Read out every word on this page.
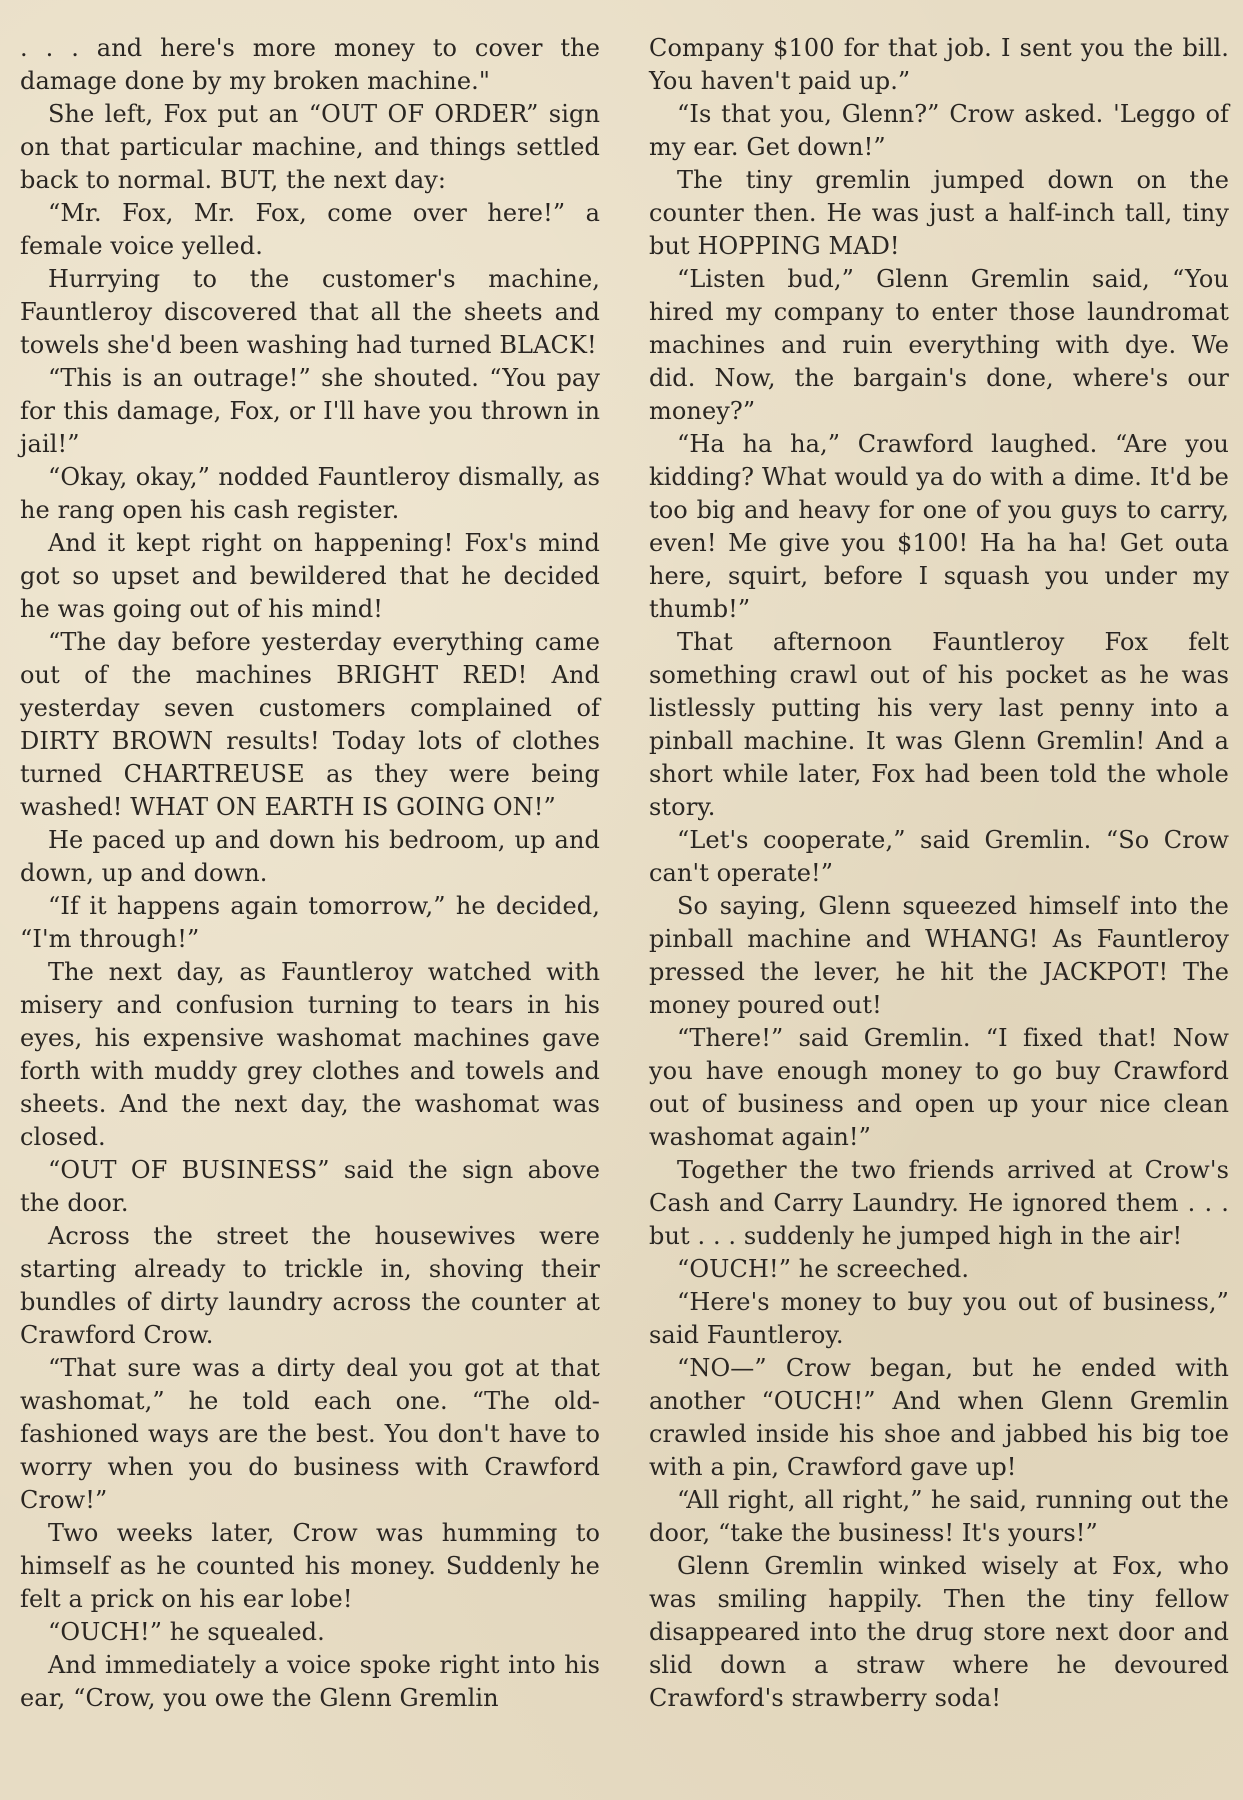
. . . and here's more money to cover the damage done by my broken machine."

She left, Fox put an “OUT OF ORDER” sign on that particular machine, and things settled back to normal. BUT, the next day:

“Mr. Fox, Mr. Fox, come over here!” a female voice yelled.

Hurrying to the customer's machine, Fauntleroy discovered that all the sheets and towels she'd been washing had turned BLACK!

“This is an outrage!” she shouted. “You pay for this damage, Fox, or I'll have you thrown in jail!”

“Okay, okay,” nodded Fauntleroy dismally, as he rang open his cash register.

And it kept right on happening! Fox's mind got so upset and bewildered that he decided he was going out of his mind!

“The day before yesterday everything came out of the machines BRIGHT RED! And yesterday seven customers complained of DIRTY BROWN results! Today lots of clothes turned CHARTREUSE as they were being washed! WHAT ON EARTH IS GOING ON!”

He paced up and down his bedroom, up and down, up and down.

“If it happens again tomorrow,” he decided, “I'm through!”

The next day, as Fauntleroy watched with misery and confusion turning to tears in his eyes, his expensive washomat machines gave forth with muddy grey clothes and towels and sheets. And the next day, the washomat was closed.

“OUT OF BUSINESS” said the sign above the door.

Across the street the housewives were starting already to trickle in, shoving their bundles of dirty laundry across the counter at Crawford Crow.

“That sure was a dirty deal you got at that washomat,” he told each one. “The old-fashioned ways are the best. You don't have to worry when you do business with Crawford Crow!”

Two weeks later, Crow was humming to himself as he counted his money. Suddenly he felt a prick on his ear lobe!

“OUCH!” he squealed.

And immediately a voice spoke right into his ear, “Crow, you owe the Glenn Gremlin

Company $100 for that job. I sent you the bill. You haven't paid up.”

“Is that you, Glenn?” Crow asked. 'Leggo of my ear. Get down!”

The tiny gremlin jumped down on the counter then. He was just a half-inch tall, tiny but HOPPING MAD!

“Listen bud,” Glenn Gremlin said, “You hired my company to enter those laundromat machines and ruin everything with dye. We did. Now, the bargain's done, where's our money?”

“Ha ha ha,” Crawford laughed. “Are you kidding? What would ya do with a dime. It'd be too big and heavy for one of you guys to carry, even! Me give you $100! Ha ha ha! Get outa here, squirt, before I squash you under my thumb!”

That afternoon Fauntleroy Fox felt something crawl out of his pocket as he was listlessly putting his very last penny into a pinball machine. It was Glenn Gremlin! And a short while later, Fox had been told the whole story.

“Let's cooperate,” said Gremlin. “So Crow can't operate!”

So saying, Glenn squeezed himself into the pinball machine and WHANG! As Fauntleroy pressed the lever, he hit the JACKPOT! The money poured out!

“There!” said Gremlin. “I fixed that! Now you have enough money to go buy Crawford out of business and open up your nice clean washomat again!”

Together the two friends arrived at Crow's Cash and Carry Laundry. He ignored them . . . but . . . suddenly he jumped high in the air!

“OUCH!” he screeched.

“Here's money to buy you out of business,” said Fauntleroy.

“NO—” Crow began, but he ended with another “OUCH!” And when Glenn Gremlin crawled inside his shoe and jabbed his big toe with a pin, Crawford gave up!

“All right, all right,” he said, running out the door, “take the business! It's yours!”

Glenn Gremlin winked wisely at Fox, who was smiling happily. Then the tiny fellow disappeared into the drug store next door and slid down a straw where he devoured Crawford's strawberry soda!
